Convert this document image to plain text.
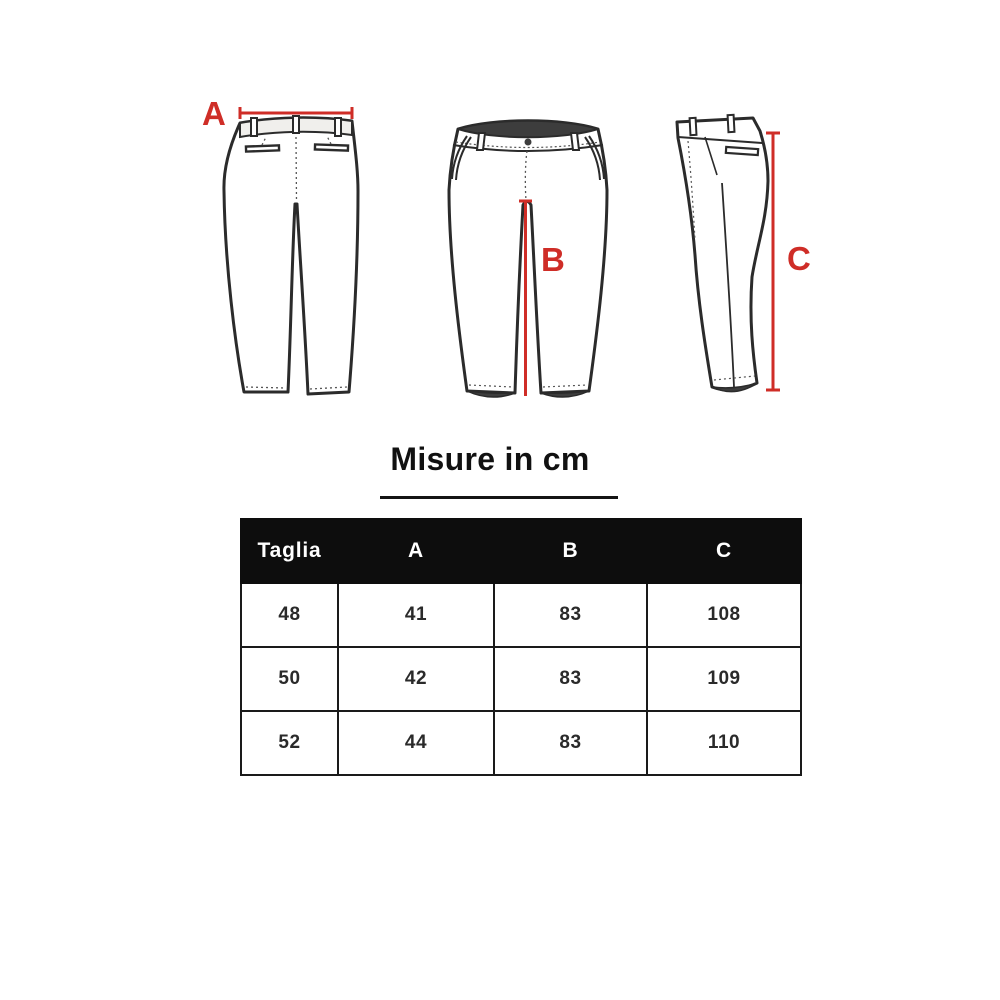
A
B	C
Misure in cm
Taglia	A	B	C
48	41	83	108
50	42	83	109
52	44	83	110
